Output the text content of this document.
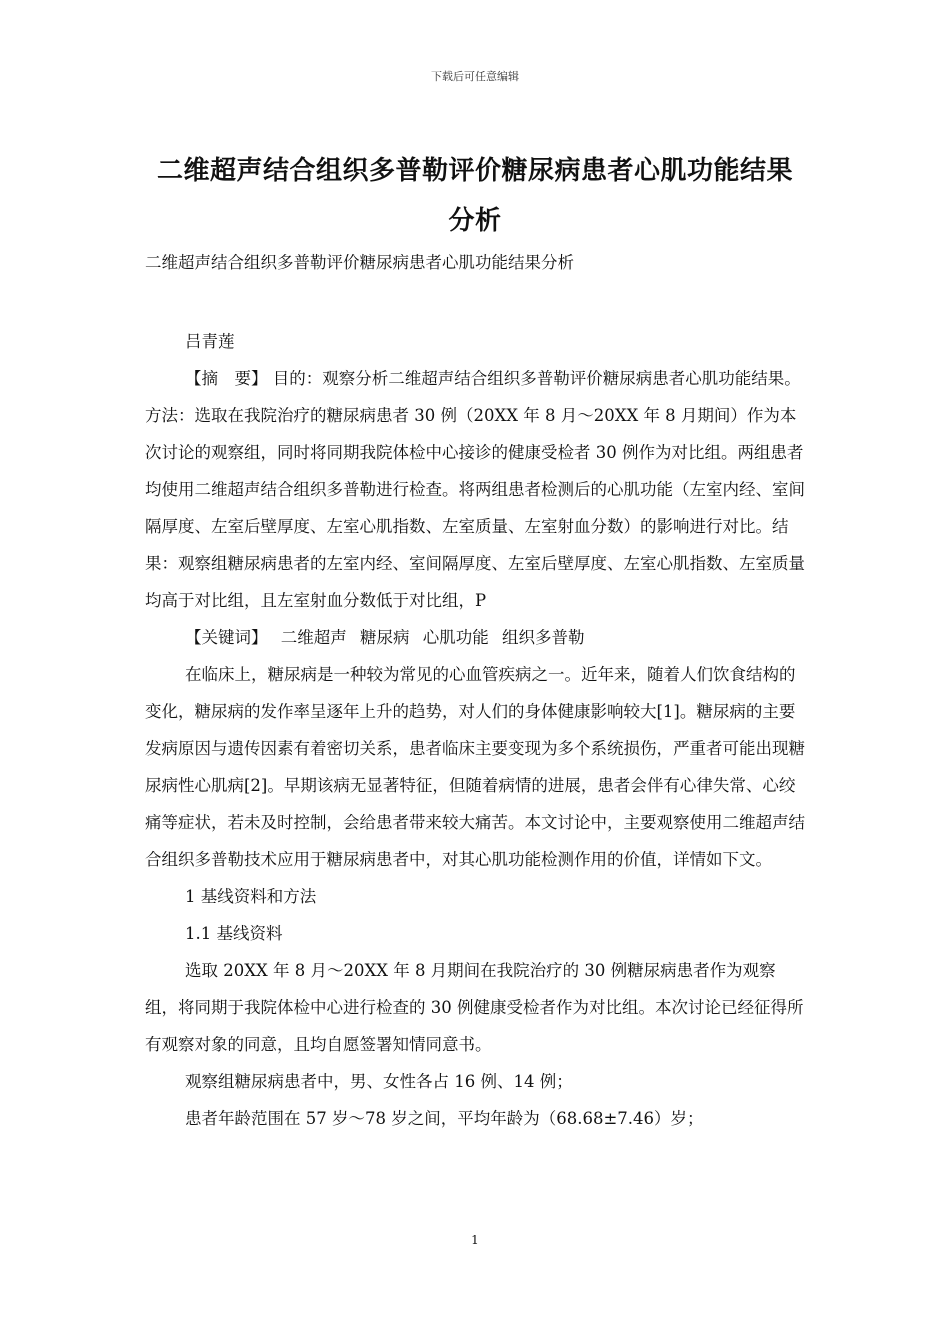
下载后可任意编辑
二维超声结合组织多普勒评价糖尿病患者心肌功能结果分析

二维超声结合组织多普勒评价糖尿病患者心肌功能结果分析

吕青莲

【摘　要】 目的：观察分析二维超声结合组织多普勒评价糖尿病患者心肌功能结果。方法：选取在我院治疗的糖尿病患者 30 例（20XX 年 8 月～20XX 年 8 月期间）作为本次讨论的观察组，同时将同期我院体检中心接诊的健康受检者 30 例作为对比组。两组患者均使用二维超声结合组织多普勒进行检查。将两组患者检测后的心肌功能（左室内经、室间隔厚度、左室后壁厚度、左室心肌指数、左室质量、左室射血分数）的影响进行对比。结果：观察组糖尿病患者的左室内经、室间隔厚度、左室后壁厚度、左室心肌指数、左室质量均高于对比组，且左室射血分数低于对比组，P

【关键词】 二维超声 糖尿病 心肌功能 组织多普勒

在临床上，糖尿病是一种较为常见的心血管疾病之一。近年来，随着人们饮食结构的变化，糖尿病的发作率呈逐年上升的趋势，对人们的身体健康影响较大[1]。糖尿病的主要发病原因与遗传因素有着密切关系，患者临床主要变现为多个系统损伤，严重者可能出现糖尿病性心肌病[2]。早期该病无显著特征，但随着病情的进展，患者会伴有心律失常、心绞痛等症状，若未及时控制，会给患者带来较大痛苦。本文讨论中，主要观察使用二维超声结合组织多普勒技术应用于糖尿病患者中，对其心肌功能检测作用的价值，详情如下文。

1 基线资料和方法

1.1 基线资料

选取 20XX 年 8 月～20XX 年 8 月期间在我院治疗的 30 例糖尿病患者作为观察组，将同期于我院体检中心进行检查的 30 例健康受检者作为对比组。本次讨论已经征得所有观察对象的同意，且均自愿签署知情同意书。

观察组糖尿病患者中，男、女性各占 16 例、14 例；

患者年龄范围在 57 岁～78 岁之间，平均年龄为（68.68±7.46）岁；

1
